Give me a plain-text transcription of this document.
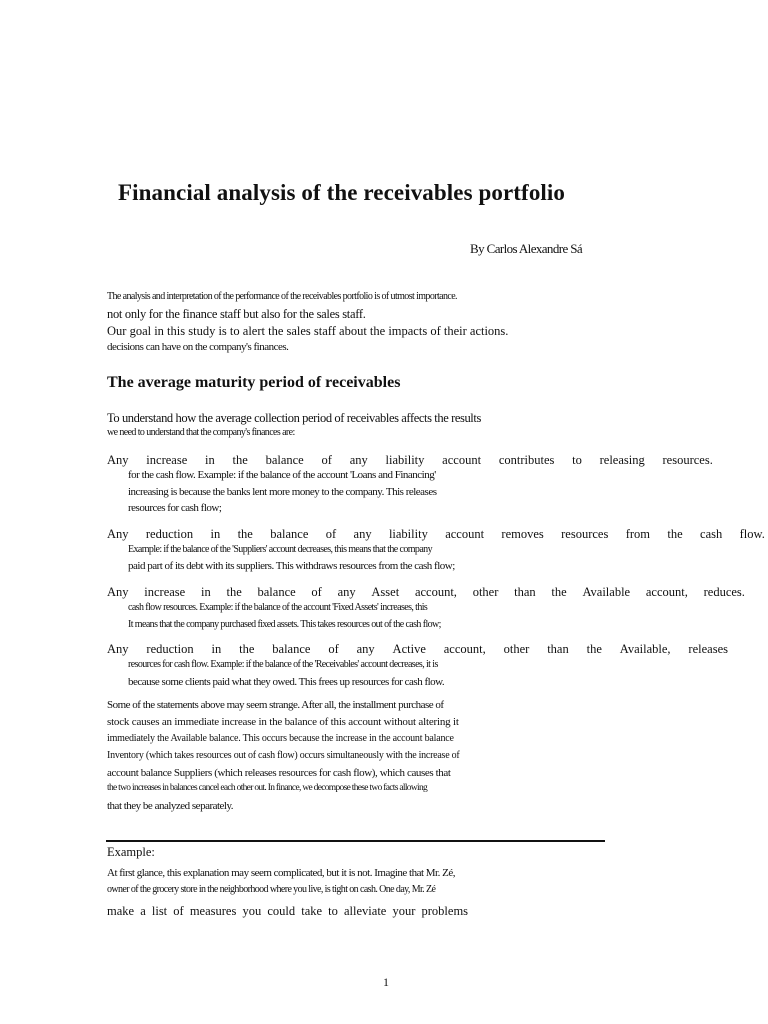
Financial analysis of the receivables portfolio
By Carlos Alexandre Sá
The analysis and interpretation of the performance of the receivables portfolio is of utmost importance.
not only for the finance staff but also for the sales staff.
Our goal in this study is to alert the sales staff about the impacts of their actions.
decisions can have on the company's finances.
The average maturity period of receivables
To understand how the average collection period of receivables affects the results
we need to understand that the company's finances are:
Any increase in the balance of any liability account contributes to releasing resources.
for the cash flow. Example: if the balance of the account 'Loans and Financing'
increasing is because the banks lent more money to the company. This releases
resources for cash flow;
Any reduction in the balance of any liability account removes resources from the cash flow.
Example: if the balance of the 'Suppliers' account decreases, this means that the company
paid part of its debt with its suppliers. This withdraws resources from the cash flow;
Any increase in the balance of any Asset account, other than the Available account, reduces.
cash flow resources. Example: if the balance of the account 'Fixed Assets' increases, this
It means that the company purchased fixed assets. This takes resources out of the cash flow;
Any reduction in the balance of any Active account, other than the Available, releases
resources for cash flow. Example: if the balance of the 'Receivables' account decreases, it is
because some clients paid what they owed. This frees up resources for cash flow.
Some of the statements above may seem strange. After all, the installment purchase of
stock causes an immediate increase in the balance of this account without altering it
immediately the Available balance. This occurs because the increase in the account balance
Inventory (which takes resources out of cash flow) occurs simultaneously with the increase of
account balance Suppliers (which releases resources for cash flow), which causes that
the two increases in balances cancel each other out. In finance, we decompose these two facts allowing
that they be analyzed separately.
Example:
At first glance, this explanation may seem complicated, but it is not. Imagine that Mr. Zé,
owner of the grocery store in the neighborhood where you live, is tight on cash. One day, Mr. Zé
make a list of measures you could take to alleviate your problems
1
